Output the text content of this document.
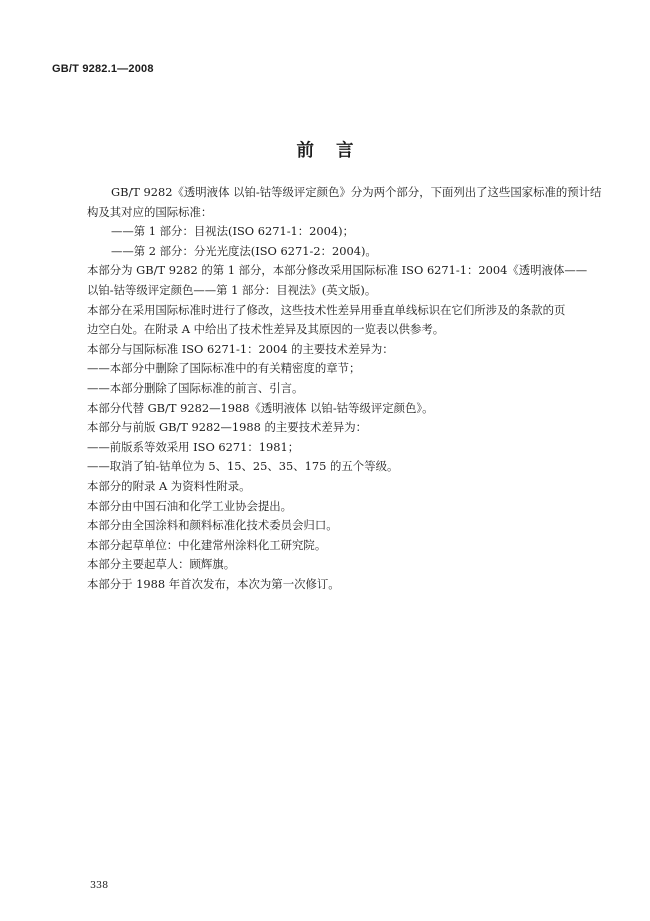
GB/T 9282.1—2008
前言

GB/T 9282《透明液体 以铂-钴等级评定颜色》分为两个部分，下面列出了这些国家标准的预计结

构及其对应的国际标准：

——第 1 部分：目视法(ISO 6271-1：2004)；

——第 2 部分：分光光度法(ISO 6271-2：2004)。

本部分为 GB/T 9282 的第 1 部分，本部分修改采用国际标准 ISO 6271-1：2004《透明液体——

以铂-钴等级评定颜色——第 1 部分：目视法》(英文版)。

本部分在采用国际标准时进行了修改，这些技术性差异用垂直单线标识在它们所涉及的条款的页

边空白处。在附录 A 中给出了技术性差异及其原因的一览表以供参考。

本部分与国际标准 ISO 6271-1：2004 的主要技术差异为：

——本部分中删除了国际标准中的有关精密度的章节；

——本部分删除了国际标准的前言、引言。

本部分代替 GB/T 9282—1988《透明液体 以铂-钴等级评定颜色》。

本部分与前版 GB/T 9282—1988 的主要技术差异为：

——前版系等效采用 ISO 6271：1981；

——取消了铂-钴单位为 5、15、25、35、175 的五个等级。

本部分的附录 A 为资料性附录。

本部分由中国石油和化学工业协会提出。

本部分由全国涂料和颜料标准化技术委员会归口。

本部分起草单位：中化建常州涂料化工研究院。

本部分主要起草人：顾辉旗。

本部分于 1988 年首次发布，本次为第一次修订。

338
